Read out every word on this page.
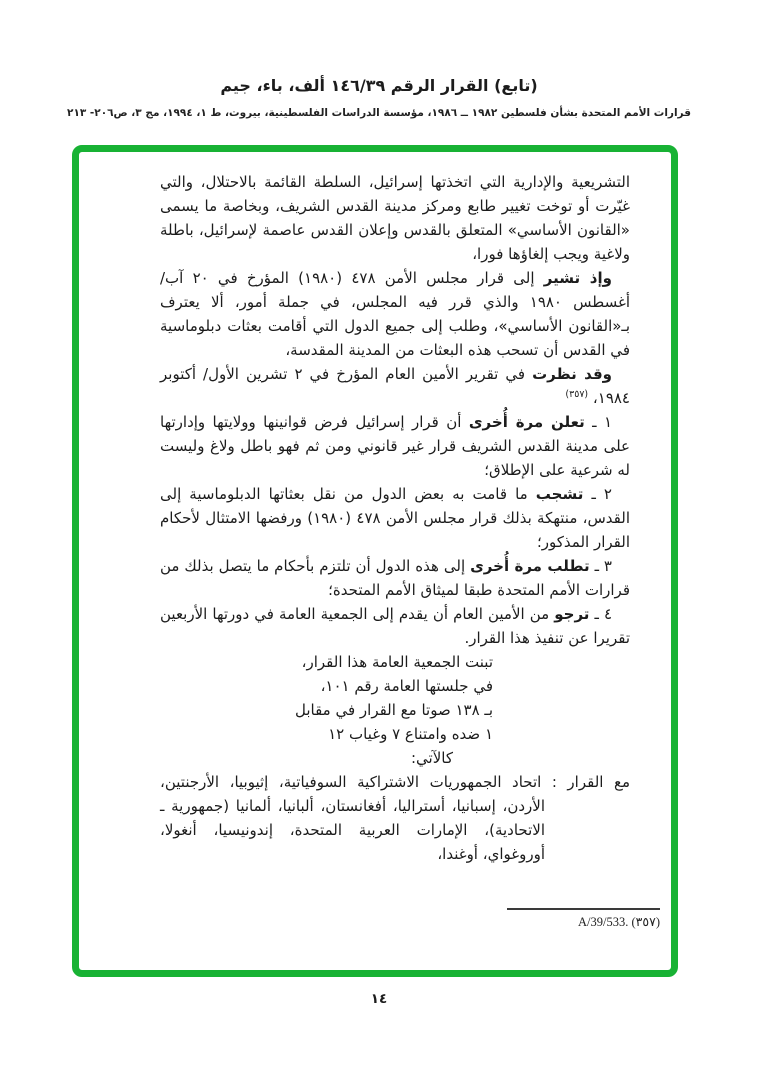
(تابع) القرار الرقم ١٤٦/٣٩ ألف، باء، جيم
قرارات الأمم المتحدة بشأن فلسطين ١٩٨٢ ــ ١٩٨٦، مؤسسة الدراسات الفلسطينية، بيروت، ط ١، ١٩٩٤، مج ٣، ص٢٠٦- ٢١٣

التشريعية والإدارية التي اتخذتها إسرائيل، السلطة القائمة بالاحتلال، والتي غيّرت أو توخت تغيير طابع ومركز مدينة القدس الشريف، وبخاصة ما يسمى «القانون الأساسي» المتعلق بالقدس وإعلان القدس عاصمة لإسرائيل، باطلة ولاغية ويجب إلغاؤها فورا،

وإذ تشير إلى قرار مجلس الأمن ٤٧٨ (١٩٨٠) المؤرخ في ٢٠ آب/ أغسطس ١٩٨٠ والذي قرر فيه المجلس، في جملة أمور، ألا يعترف بـ«القانون الأساسي»، وطلب إلى جميع الدول التي أقامت بعثات دبلوماسية في القدس أن تسحب هذه البعثات من المدينة المقدسة،

وقد نظرت في تقرير الأمين العام المؤرخ في ٢ تشرين الأول/ أكتوبر ١٩٨٤، $^{(٣٥٧)}$

١ ـ تعلن مرة أُخرى أن قرار إسرائيل فرض قوانينها وولايتها وإدارتها على مدينة القدس الشريف قرار غير قانوني ومن ثم فهو باطل ولاغ وليست له شرعية على الإطلاق؛

٢ ـ تشجب ما قامت به بعض الدول من نقل بعثاتها الدبلوماسية إلى القدس، منتهكة بذلك قرار مجلس الأمن ٤٧٨ (١٩٨٠) ورفضها الامتثال لأحكام القرار المذكور؛

٣ ـ تطلب مرة أُخرى إلى هذه الدول أن تلتزم بأحكام ما يتصل بذلك من قرارات الأمم المتحدة طبقا لميثاق الأمم المتحدة؛

٤ ـ ترجو من الأمين العام أن يقدم إلى الجمعية العامة في دورتها الأربعين تقريرا عن تنفيذ هذا القرار.

تبنت الجمعية العامة هذا القرار،
في جلستها العامة رقم ١٠١،
بـ ١٣٨ صوتا مع القرار في مقابل
١ ضده وامتناع ٧ وغياب ١٢
كالآتي:

مع القرار : اتحاد الجمهوريات الاشتراكية السوفياتية، إثيوبيا، الأرجنتين، الأردن، إسبانيا، أستراليا، أفغانستان، ألبانيا، ألمانيا (جمهورية ـ الاتحادية)، الإمارات العربية المتحدة، إندونيسيا، أنغولا، أوروغواي، أوغندا،

A/39/533. (٣٥٧)
١٤
